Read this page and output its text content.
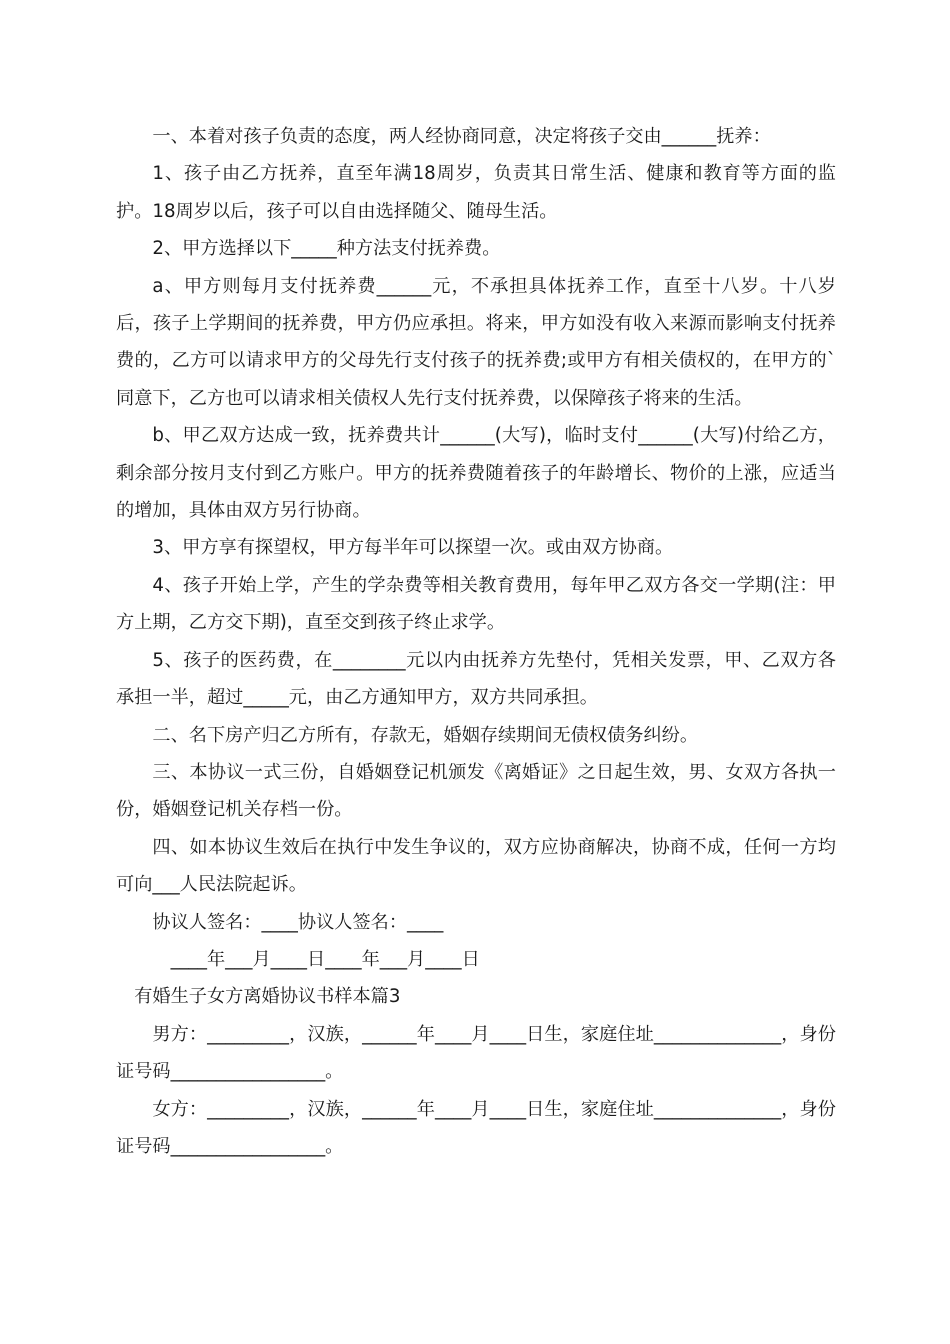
一、本着对孩子负责的态度，两人经协商同意，决定将孩子交由______抚养：

1、孩子由乙方抚养，直至年满18周岁，负责其日常生活、健康和教育等方面的监护。18周岁以后，孩子可以自由选择随父、随母生活。

2、甲方选择以下_____种方法支付抚养费。

a、甲方则每月支付抚养费______元，不承担具体抚养工作，直至十八岁。十八岁后，孩子上学期间的抚养费，甲方仍应承担。将来，甲方如没有收入来源而影响支付抚养费的，乙方可以请求甲方的父母先行支付孩子的抚养费;或甲方有相关债权的，在甲方的`同意下，乙方也可以请求相关债权人先行支付抚养费，以保障孩子将来的生活。

b、甲乙双方达成一致，抚养费共计______(大写)，临时支付______(大写)付给乙方，剩余部分按月支付到乙方账户。甲方的抚养费随着孩子的年龄增长、物价的上涨，应适当的增加，具体由双方另行协商。

3、甲方享有探望权，甲方每半年可以探望一次。或由双方协商。

4、孩子开始上学，产生的学杂费等相关教育费用，每年甲乙双方各交一学期(注：甲方上期，乙方交下期)，直至交到孩子终止求学。

5、孩子的医药费，在________元以内由抚养方先垫付，凭相关发票，甲、乙双方各承担一半，超过_____元，由乙方通知甲方，双方共同承担。

二、名下房产归乙方所有，存款无，婚姻存续期间无债权债务纠纷。

三、本协议一式三份，自婚姻登记机颁发《离婚证》之日起生效，男、女双方各执一份，婚姻登记机关存档一份。

四、如本协议生效后在执行中发生争议的，双方应协商解决，协商不成，任何一方均可向___人民法院起诉。

协议人签名：____协议人签名：____

____年___月____日____年___月____日

有婚生子女方离婚协议书样本篇3

男方：_________，汉族，______年____月____日生，家庭住址______________，身份证号码_________________。

女方：_________，汉族，______年____月____日生，家庭住址______________，身份证号码_________________。
